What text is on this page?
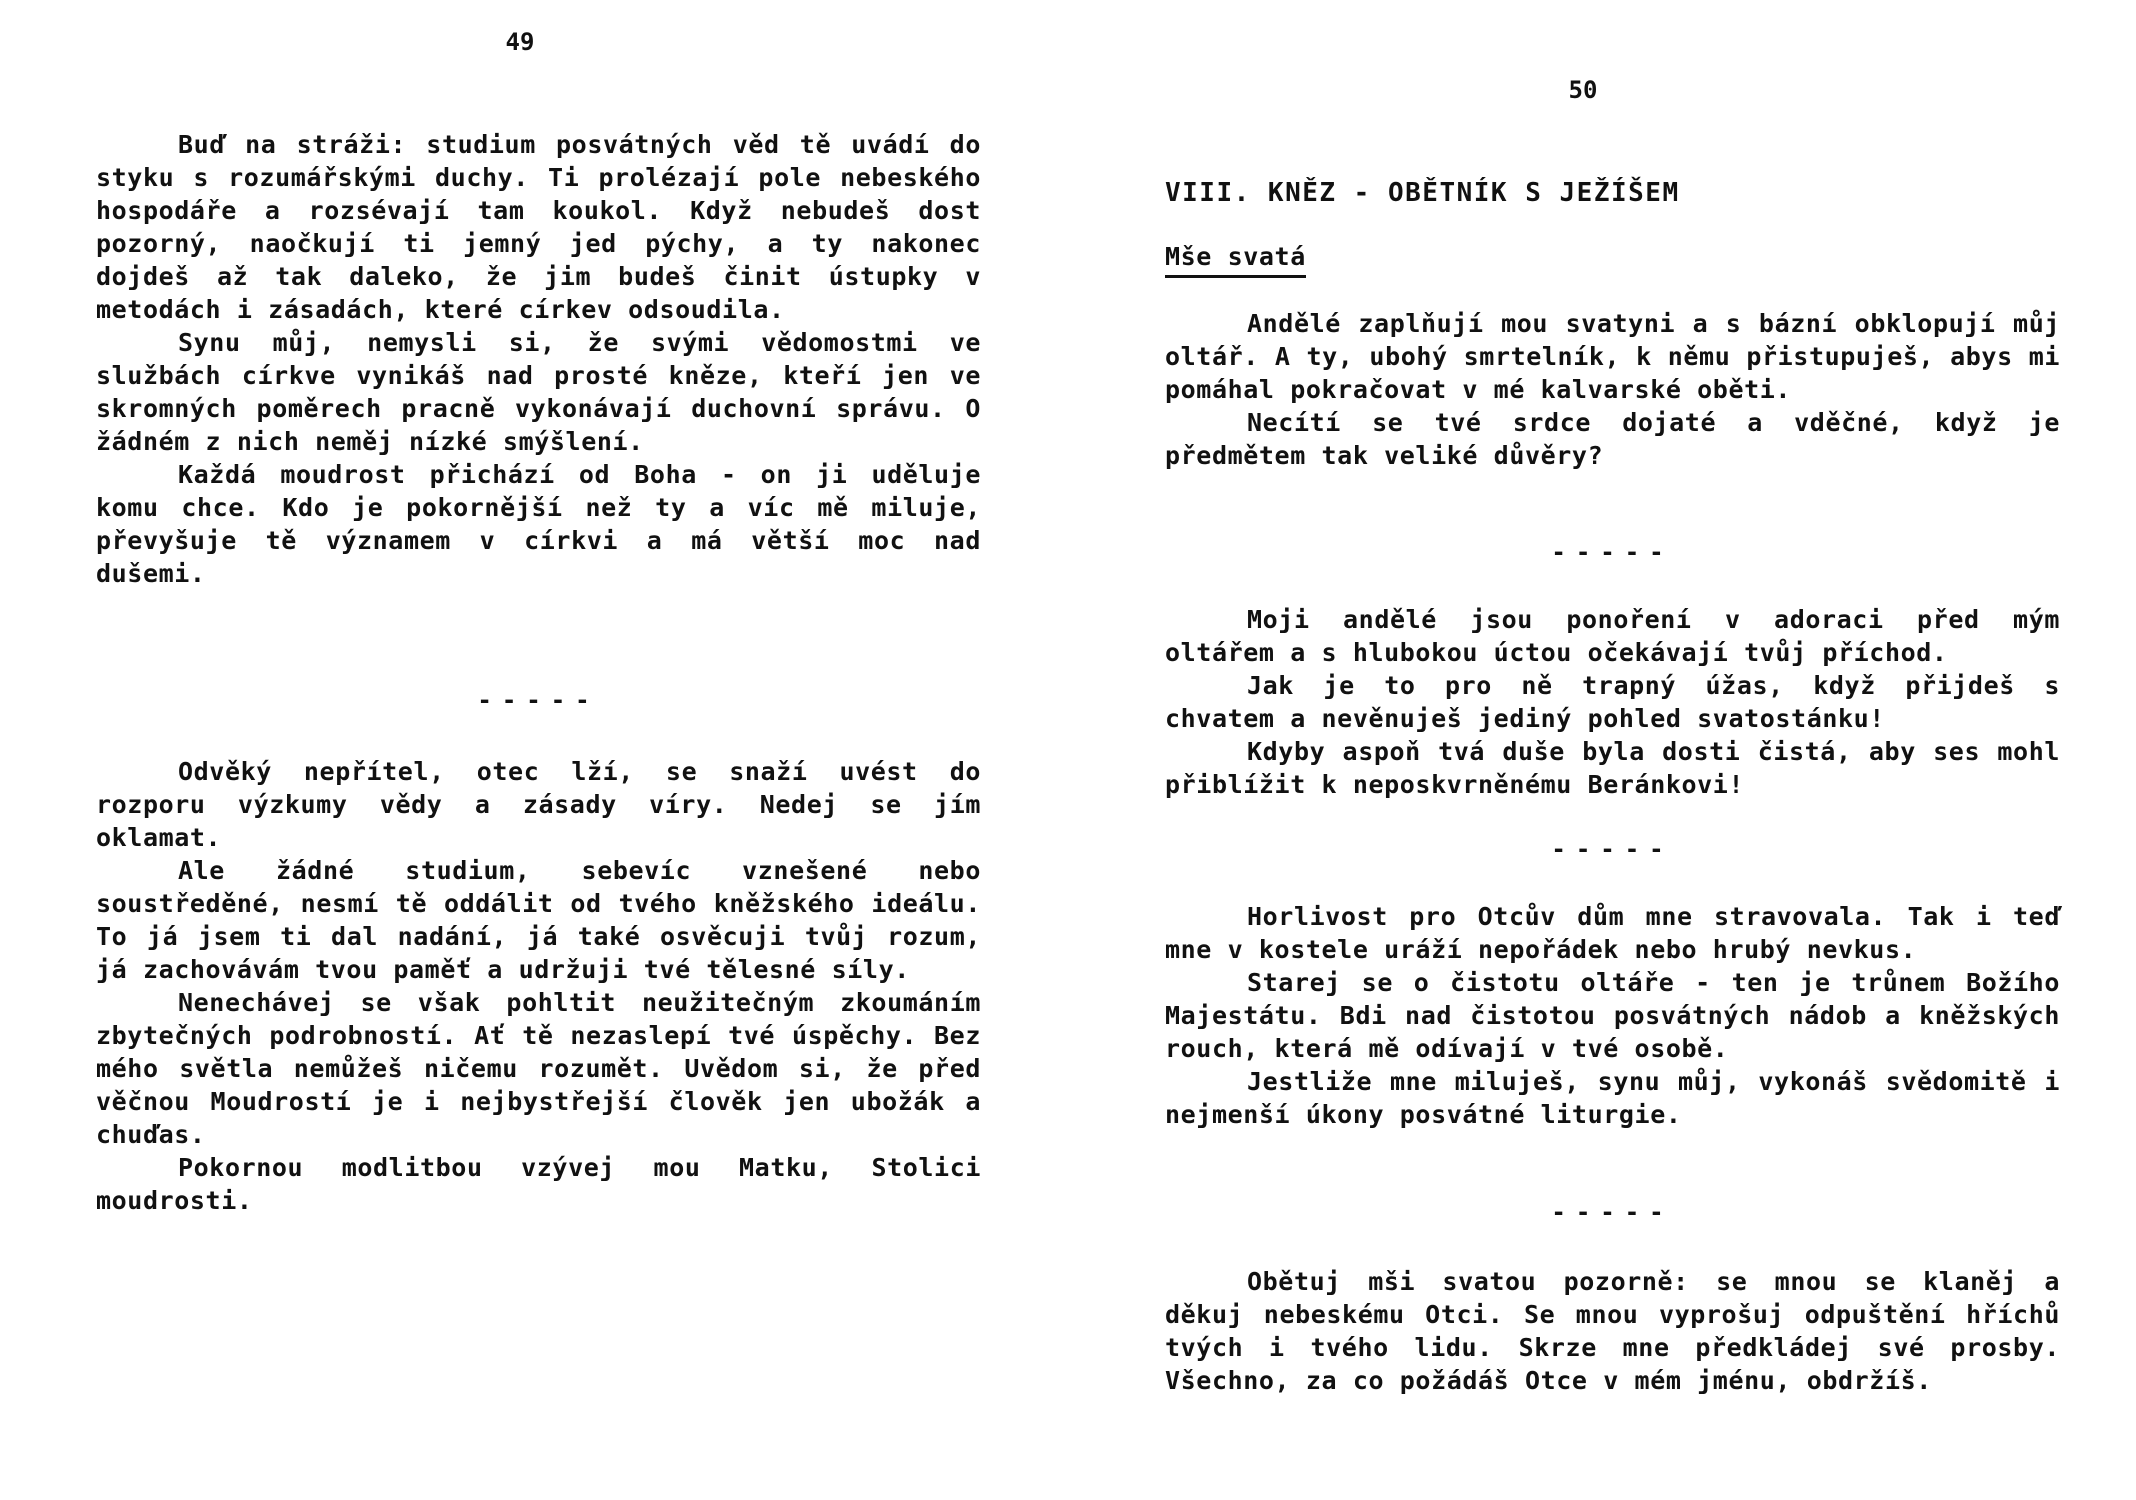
49

Buď na stráži: studium posvátných věd tě uvádí do styku s rozumářskými duchy. Ti prolézají pole nebeského hospodáře a rozsévají tam koukol. Když nebudeš dost pozorný, naočkují ti jemný jed pýchy, a ty nakonec dojdeš až tak daleko, že jim budeš činit ústupky v metodách i zásadách, které církev odsoudila.

Synu můj, nemysli si, že svými vědomostmi ve službách církve vynikáš nad prosté kněze, kteří jen ve skromných poměrech pracně vykonávají duchovní správu. O žádném z nich neměj nízké smýšlení.

Každá moudrost přichází od Boha - on ji uděluje komu chce. Kdo je pokornější než ty a víc mě miluje, převyšuje tě významem v církvi a má větší moc nad dušemi.

-----

Odvěký nepřítel, otec lží, se snaží uvést do rozporu výzkumy vědy a zásady víry. Nedej se jím oklamat.

Ale žádné studium, sebevíc vznešené nebo soustředěné, nesmí tě oddálit od tvého kněžského ideálu. To já jsem ti dal nadání, já také osvěcuji tvůj rozum, já zachovávám tvou paměť a udržuji tvé tělesné síly.

Nenechávej se však pohltit neužitečným zkoumáním zbytečných podrobností. Ať tě nezaslepí tvé úspěchy. Bez mého světla nemůžeš ničemu rozumět. Uvědom si, že před věčnou Moudrostí je i nejbystřejší člověk jen ubožák a chuďas.

Pokornou modlitbou vzývej mou Matku, Stolici moudrosti.

50
VIII. KNĚZ - OBĚTNÍK S JEŽÍŠEM
Mše svatá

Andělé zaplňují mou svatyni a s bázní obklopují můj oltář. A ty, ubohý smrtelník, k němu přistupuješ, abys mi pomáhal pokračovat v mé kalvarské oběti.

Necítí se tvé srdce dojaté a vděčné, když je předmětem tak veliké důvěry?

-----

Moji andělé jsou ponoření v adoraci před mým oltářem a s hlubokou úctou očekávají tvůj příchod.

Jak je to pro ně trapný úžas, když přijdeš s chvatem a nevěnuješ jediný pohled svatostánku!

Kdyby aspoň tvá duše byla dosti čistá, aby ses mohl přiblížit k neposkvrněnému Beránkovi!

-----

Horlivost pro Otcův dům mne stravovala. Tak i teď mne v kostele uráží nepořádek nebo hrubý nevkus.

Starej se o čistotu oltáře - ten je trůnem Božího Majestátu. Bdi nad čistotou posvátných nádob a kněžských rouch, která mě odívají v tvé osobě.

Jestliže mne miluješ, synu můj, vykonáš svědomitě i nejmenší úkony posvátné liturgie.

-----

Obětuj mši svatou pozorně: se mnou se klaněj a děkuj nebeskému Otci. Se mnou vyprošuj odpuštění hříchů tvých i tvého lidu. Skrze mne předkládej své prosby. Všechno, za co požádáš Otce v mém jménu, obdržíš.
